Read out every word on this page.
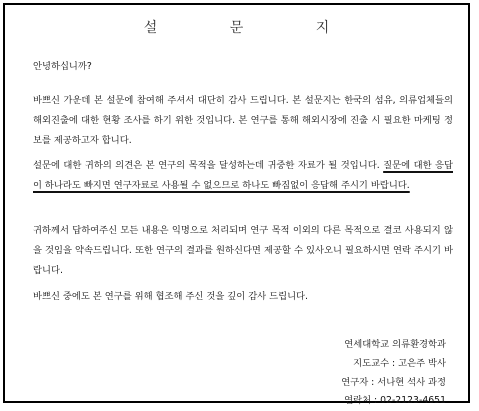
설 문 지
안녕하십니까?
바쁘신 가운데 본 설문에 참여해 주셔서 대단히 감사 드립니다. 본 설문지는 한국의 섬유, 의류업체들의 해외진출에 대한 현황 조사를 하기 위한 것입니다. 본 연구를 통해 해외시장에 진출 시 필요한 마케팅 정보를 제공하고자 합니다.
설문에 대한 귀하의 의견은 본 연구의 목적을 달성하는데 귀중한 자료가 될 것입니다. 질문에 대한 응답이 하나라도 빠지면 연구자료로 사용될 수 없으므로 하나도 빠짐없이 응답해 주시기 바랍니다.
귀하께서 답하여주신 모든 내용은 익명으로 처리되며 연구 목적 이외의 다른 목적으로 결코 사용되지 않을 것임을 약속드립니다. 또한 연구의 결과를 원하신다면 제공할 수 있사오니 필요하시면 연락 주시기 바랍니다.
바쁘신 중에도 본 연구를 위해 협조해 주신 것을 깊이 감사 드립니다.
연세대학교 의류환경학과
지도교수 : 고은주 박사
연구자 : 서나현 석사 과정
연락처 : 02-2123-4651
